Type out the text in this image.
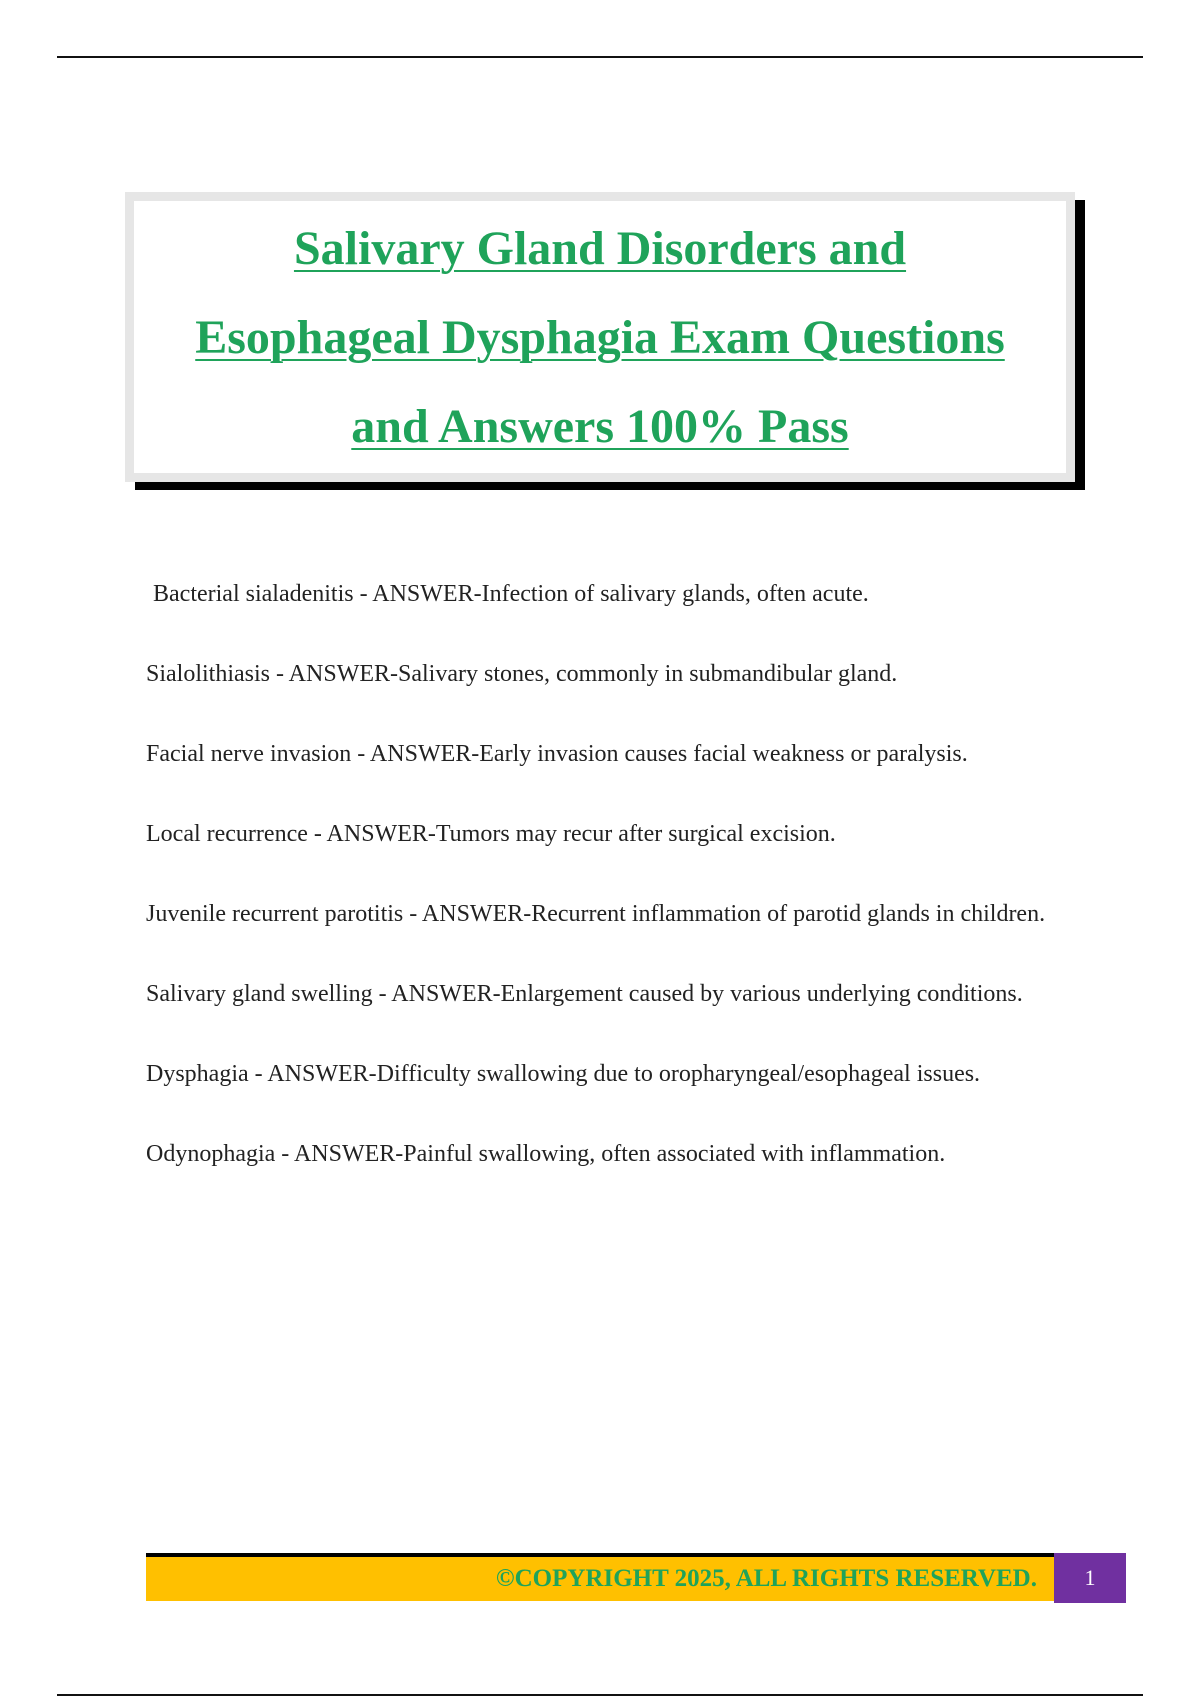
Salivary Gland Disorders and
Esophageal Dysphagia Exam Questions
and Answers 100% Pass

Bacterial sialadenitis - ANSWER-Infection of salivary glands, often acute.

Sialolithiasis - ANSWER-Salivary stones, commonly in submandibular gland.

Facial nerve invasion - ANSWER-Early invasion causes facial weakness or paralysis.

Local recurrence - ANSWER-Tumors may recur after surgical excision.

Juvenile recurrent parotitis - ANSWER-Recurrent inflammation of parotid glands in children.

Salivary gland swelling - ANSWER-Enlargement caused by various underlying conditions.

Dysphagia - ANSWER-Difficulty swallowing due to oropharyngeal/esophageal issues.

Odynophagia - ANSWER-Painful swallowing, often associated with inflammation.

©COPYRIGHT 2025, ALL RIGHTS RESERVED.	1
